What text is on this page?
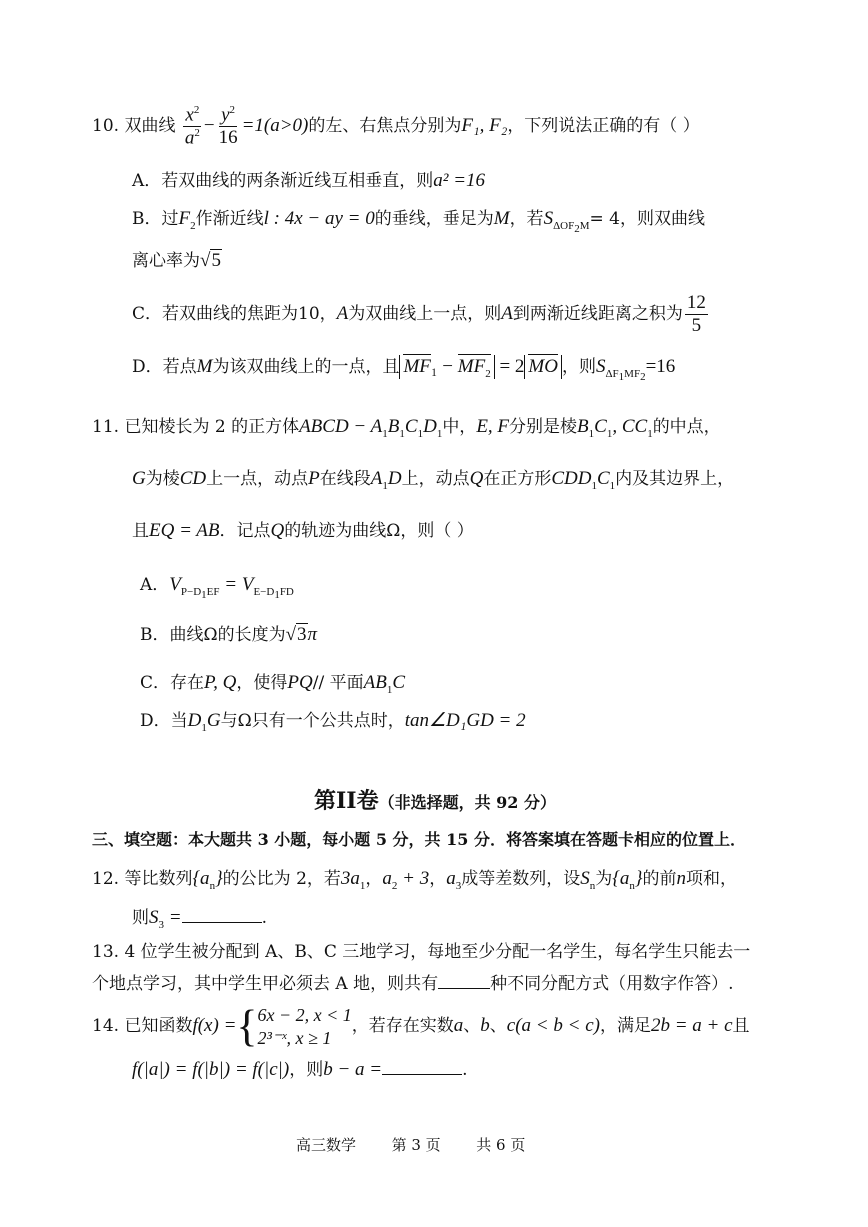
10. 双曲线 $\frac{x^2}{a^2} - \frac{y^2}{16} =1(a>0)$的左、右焦点分别为F₁, F₂，下列说法正确的有（ ）
A．若双曲线的两条渐近线互相垂直，则a² =16
B．过$F_2$作渐近线l : 4x − ay = 0的垂线，垂足为M，若$S_{\Delta OF_2M}= 4$，则双曲线
离心率为√5
C．若双曲线的焦距为10，A为双曲线上一点，则A到两渐近线距离之积为 $\frac{12}{5}$
D．若点M为该双曲线上的一点，且 $MF_1 - MF_2 = 2$ MO ，则$S_{\Delta F_1MF_2}=16$
11. 已知棱长为 2 的正方体ABCD − $A_1B_1C_1D_1$中，E, F分别是棱$B_1C_1$, $CC_1$的中点，
G为棱CD上一点，动点P在线段$A_1D$上，动点Q在正方形$CDD_1C_1$内及其边界上，
且EQ = AB．记点Q的轨迹为曲线Ω，则（ ）
A．$V_{P-D_1EF} = V_{E-D_1FD}$
B．曲线Ω的长度为√3π
C．存在P, Q，使得PQ// 平面$AB_1C$
D．当$D_1G$与Ω只有一个公共点时，tan∠D₁GD = 2
第II卷（非选择题，共 92 分）
三、填空题：本大题共 3 小题，每小题 5 分，共 15 分．将答案填在答题卡相应的位置上．
12. 等比数列$\{a_n\}$的公比为 2，若$3a_1$，$a_2 + 3$，$a_3$成等差数列，设$S_n$为$\{a_n\}$的前n项和，
则$S_3$ =	.
13. 4 位学生被分配到 A、B、C 三地学习，每地至少分配一名学生，每名学生只能去一
个地点学习，其中学生甲必须去 A 地，则共有	种不同分配方式（用数字作答）.
14. 已知函数f(x) ={ 6x − 2, x < 1
2³⁻ˣ, x ≥ 1
，若存在实数a、b、c(a < b < c)，满足2b = a + c且
f(|a|) = f(|b|) = f(|c|)，则b − a =	.
高三数学 第 3 页 共 6 页
